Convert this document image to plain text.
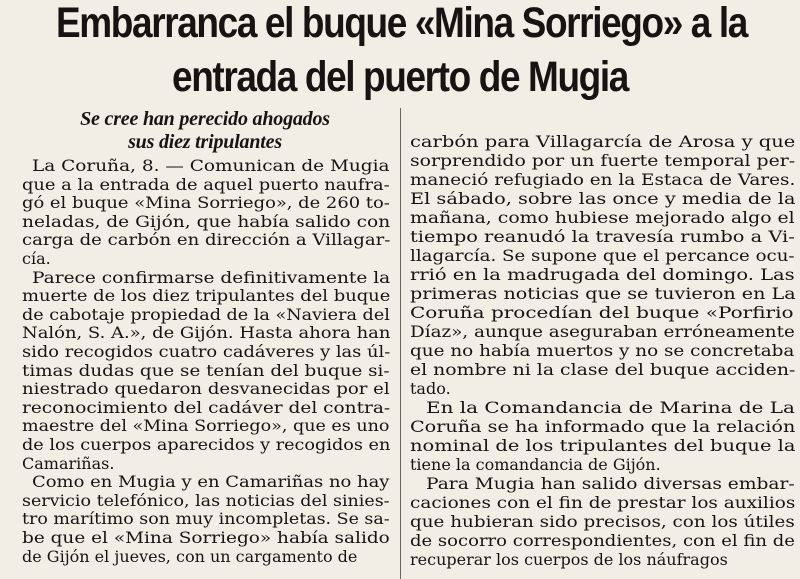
Embarranca el buque «Mina Sorriego» a la
entrada del puerto de Mugia
Se cree han perecido ahogados
sus diez tripulantes
La Coruña, 8. — Comunican de Mugia
que a la entrada de aquel puerto naufra-
gó el buque «Mina Sorriego», de 260 to-
neladas, de Gijón, que había salido con
carga de carbón en dirección a Villagar-
cía.
Parece confirmarse definitivamente la
muerte de los diez tripulantes del buque
de cabotaje propiedad de la «Naviera del
Nalón, S. A.», de Gijón. Hasta ahora han
sido recogidos cuatro cadáveres y las úl-
timas dudas que se tenían del buque si-
niestrado quedaron desvanecidas por el
reconocimiento del cadáver del contra-
maestre del «Mina Sorriego», que es uno
de los cuerpos aparecidos y recogidos en
Camariñas.
Como en Mugia y en Camariñas no hay
servicio telefónico, las noticias del sinies-
tro marítimo son muy incompletas. Se sa-
be que el «Mina Sorriego» había salido
de Gijón el jueves, con un cargamento de
carbón para Villagarcía de Arosa y que
sorprendido por un fuerte temporal per-
maneció refugiado en la Estaca de Vares.
El sábado, sobre las once y media de la
mañana, como hubiese mejorado algo el
tiempo reanudó la travesía rumbo a Vi-
llagarcía. Se supone que el percance ocu-
rrió en la madrugada del domingo. Las
primeras noticias que se tuvieron en La
Coruña procedían del buque «Porfirio
Díaz», aunque aseguraban erróneamente
que no había muertos y no se concretaba
el nombre ni la clase del buque acciden-
tado.
En la Comandancia de Marina de La
Coruña se ha informado que la relación
nominal de los tripulantes del buque la
tiene la comandancia de Gijón.
Para Mugia han salido diversas embar-
caciones con el fin de prestar los auxilios
que hubieran sido precisos, con los útiles
de socorro correspondientes, con el fin de
recuperar los cuerpos de los náufragos
